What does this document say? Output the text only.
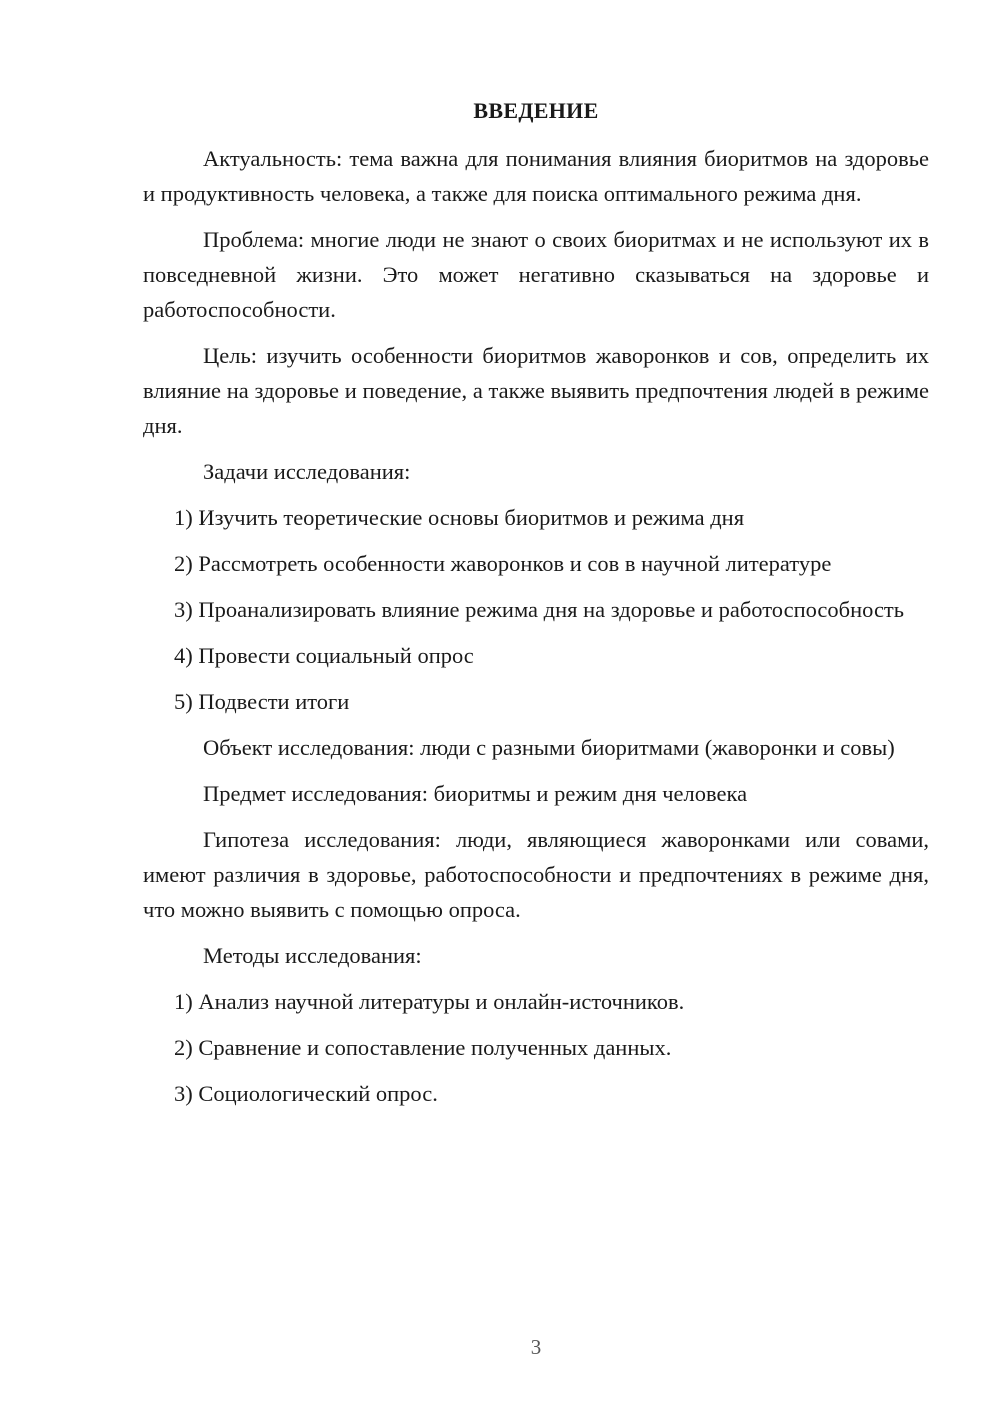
ВВЕДЕНИЕ

Актуальность: тема важна для понимания влияния биоритмов на здоровье и продуктивность человека, а также для поиска оптимального режима дня.

Проблема: многие люди не знают о своих биоритмах и не используют их в повседневной жизни. Это может негативно сказываться на здоровье и работоспособности.

Цель: изучить особенности биоритмов жаворонков и сов, определить их влияние на здоровье и поведение, а также выявить предпочтения людей в режиме дня.

Задачи исследования:

1) Изучить теоретические основы биоритмов и режима дня

2) Рассмотреть особенности жаворонков и сов в научной литературе

3) Проанализировать влияние режима дня на здоровье и работоспособность

4) Провести социальный опрос

5) Подвести итоги

Объект исследования: люди с разными биоритмами (жаворонки и совы)

Предмет исследования: биоритмы и режим дня человека

Гипотеза исследования: люди, являющиеся жаворонками или совами, имеют различия в здоровье, работоспособности и предпочтениях в режиме дня, что можно выявить с помощью опроса.

Методы исследования:

1) Анализ научной литературы и онлайн-источников.

2) Сравнение и сопоставление полученных данных.

3) Социологический опрос.

3
